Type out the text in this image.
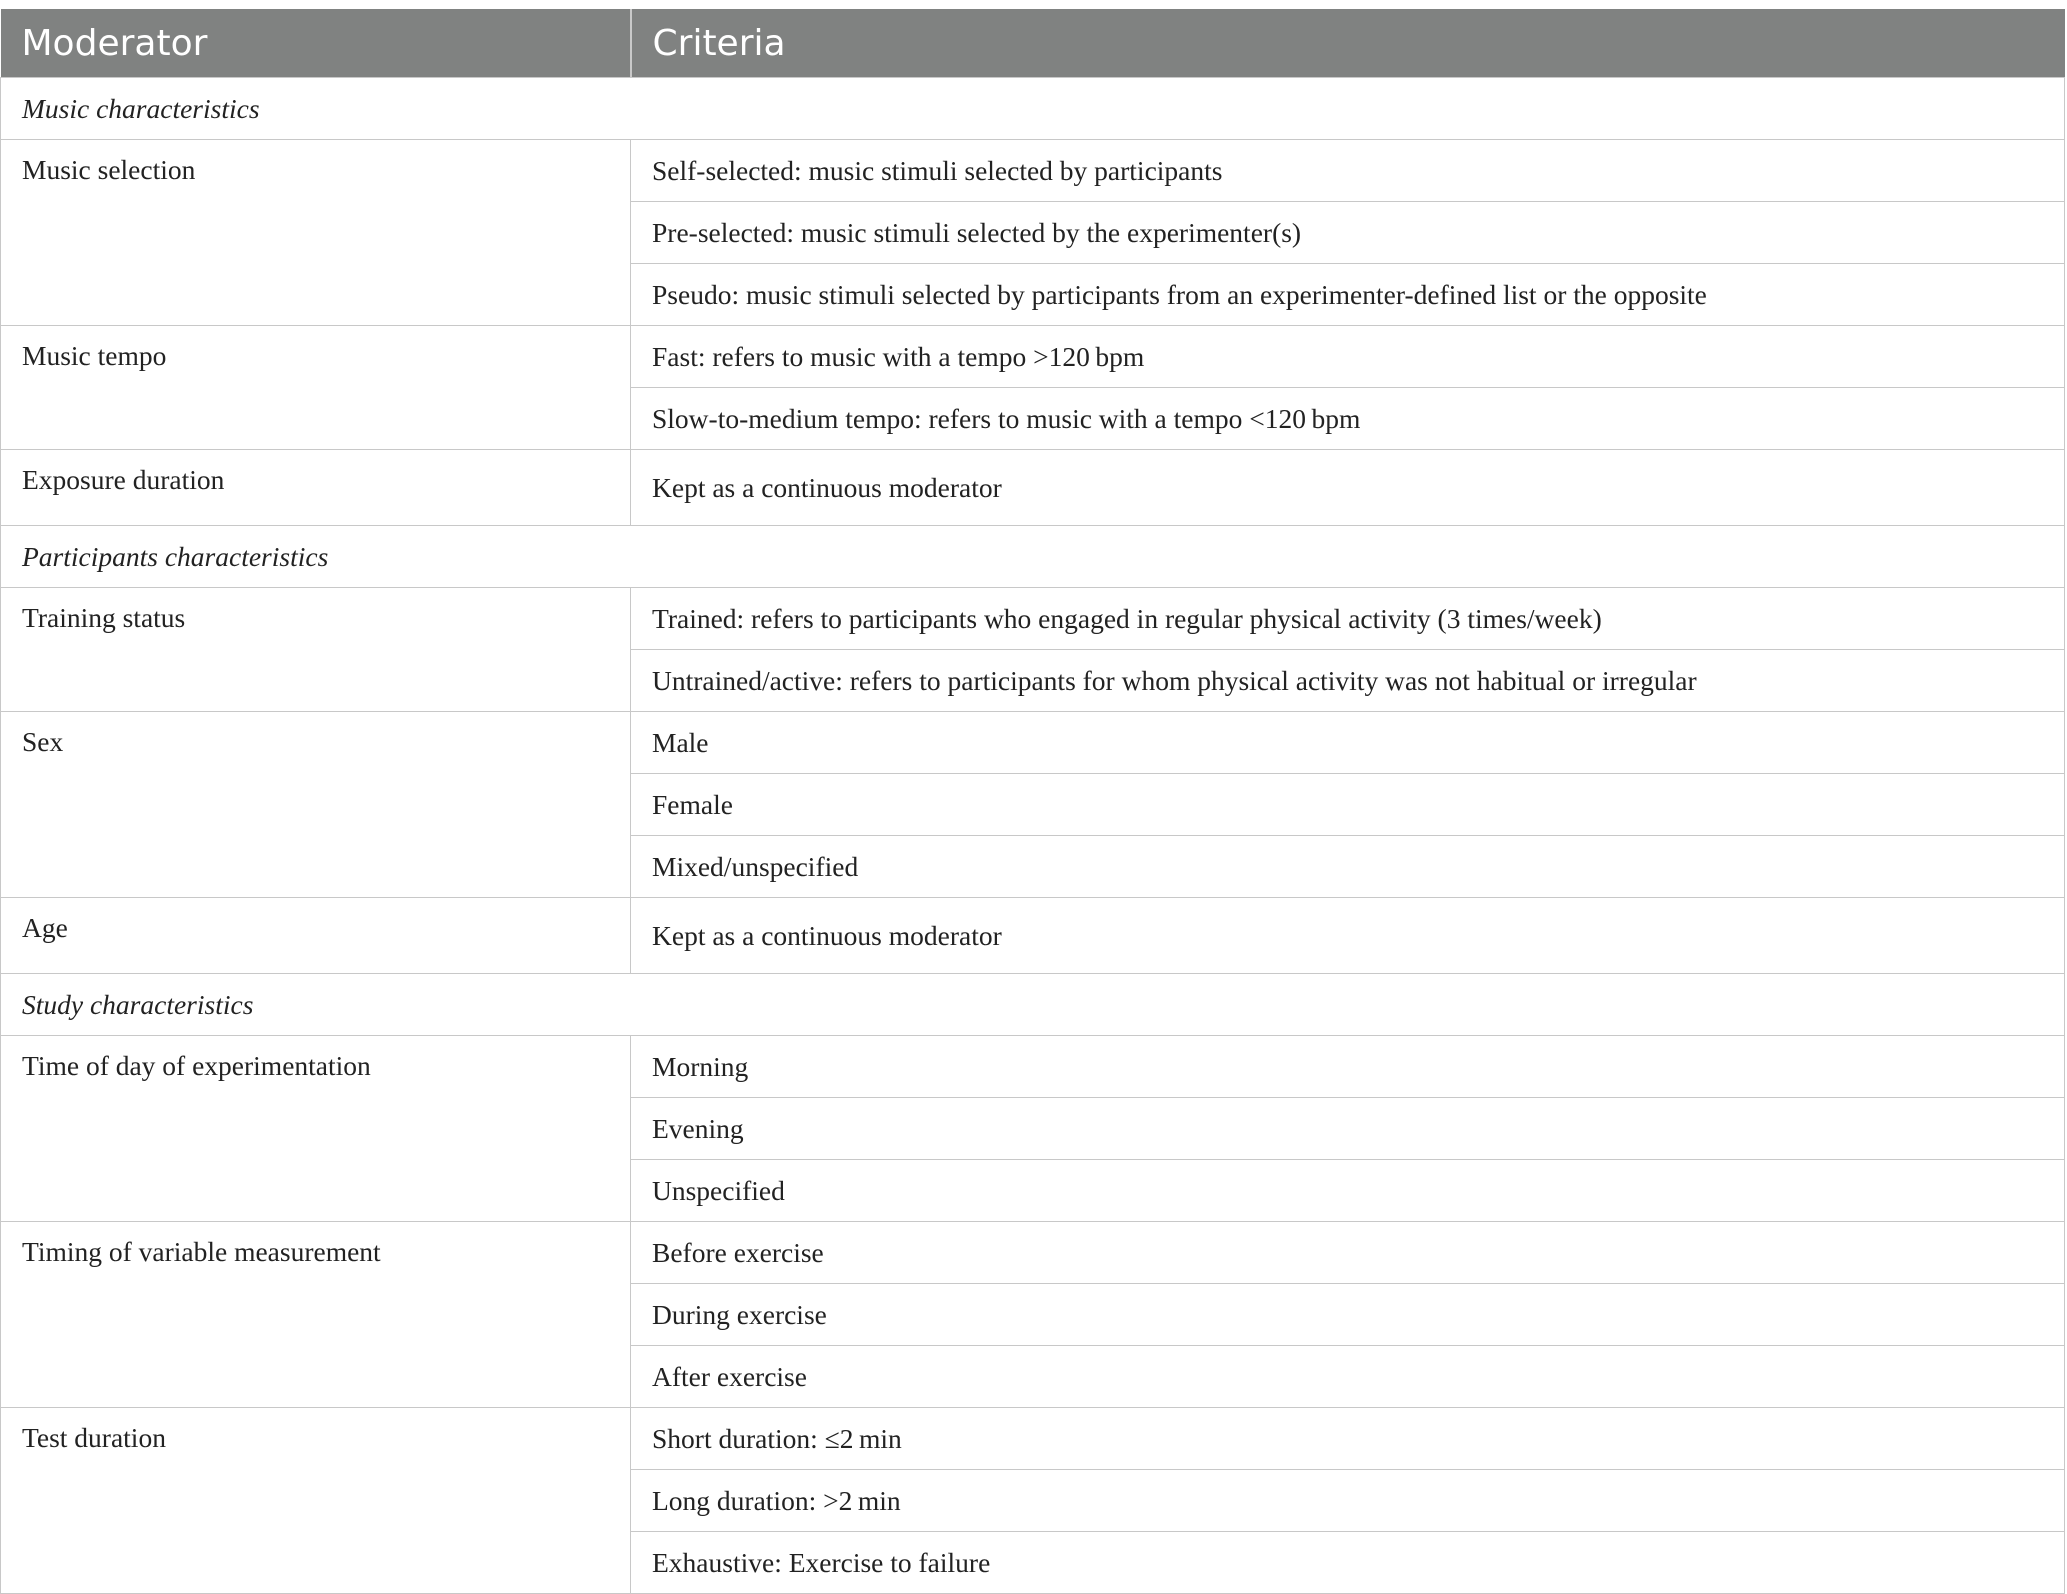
Moderator	Criteria
Music characteristics	
Music selection	Self-selected: music stimuli selected by participants
	Pre-selected: music stimuli selected by the experimenter(s)
	Pseudo: music stimuli selected by participants from an experimenter-defined list or the opposite
Music tempo	Fast: refers to music with a tempo >120 bpm
	Slow-to-medium tempo: refers to music with a tempo <120 bpm
Exposure duration	Kept as a continuous moderator
Participants characteristics	
Training status	Trained: refers to participants who engaged in regular physical activity (3 times/week)
	Untrained/active: refers to participants for whom physical activity was not habitual or irregular
Sex	Male
	Female
	Mixed/unspecified
Age	Kept as a continuous moderator
Study characteristics	
Time of day of experimentation	Morning
	Evening
	Unspecified
Timing of variable measurement	Before exercise
	During exercise
	After exercise
Test duration	Short duration: ≤2 min
	Long duration: >2 min
	Exhaustive: Exercise to failure
